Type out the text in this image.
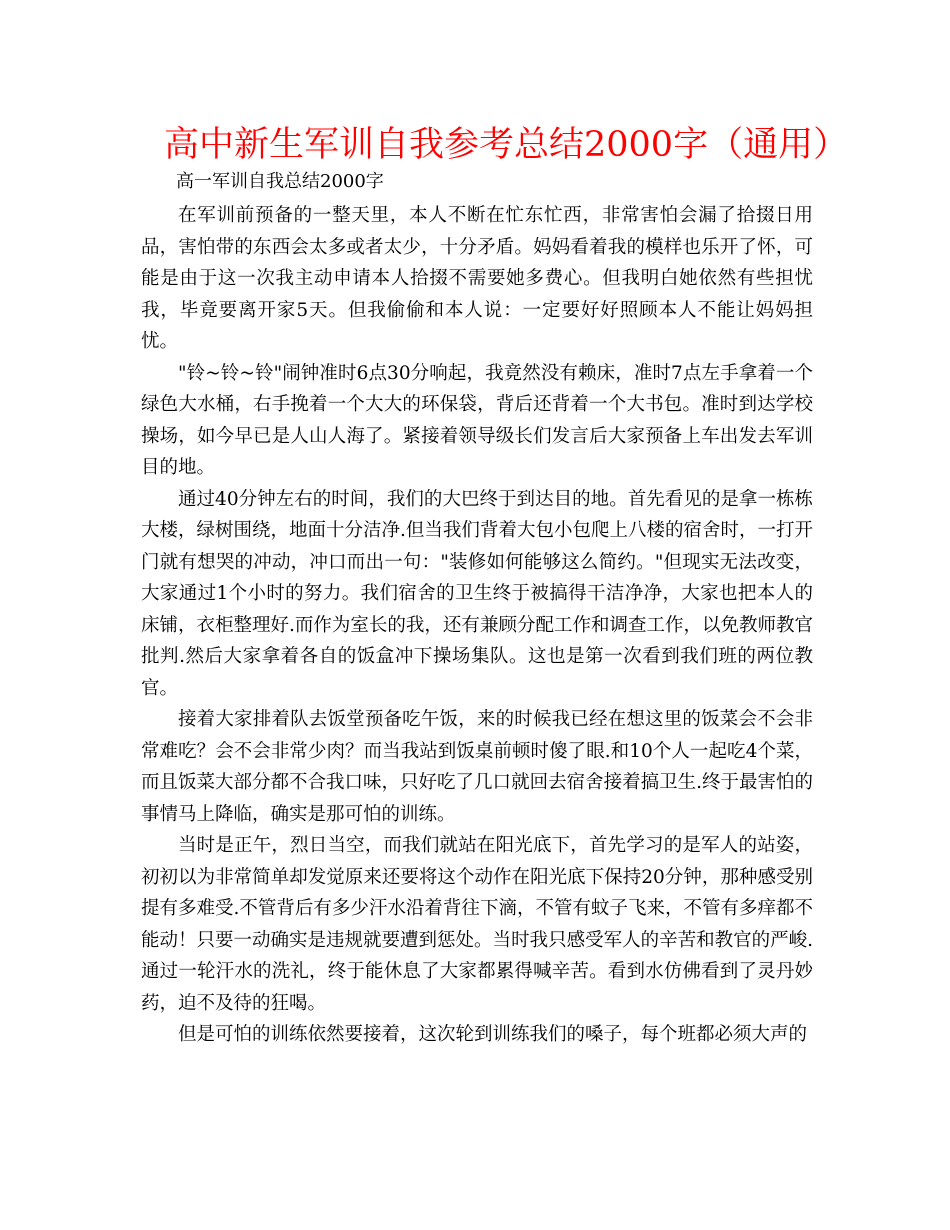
高中新生军训自我参考总结2000字（通用）
高一军训自我总结2000字

在军训前预备的一整天里，本人不断在忙东忙西，非常害怕会漏了拾掇日用品，害怕带的东西会太多或者太少，十分矛盾。妈妈看着我的模样也乐开了怀，可能是由于这一次我主动申请本人拾掇不需要她多费心。但我明白她依然有些担忧我，毕竟要离开家5天。但我偷偷和本人说：一定要好好照顾本人不能让妈妈担忧。

"铃~铃~铃"闹钟准时6点30分响起，我竟然没有赖床，准时7点左手拿着一个绿色大水桶，右手挽着一个大大的环保袋，背后还背着一个大书包。准时到达学校操场，如今早已是人山人海了。紧接着领导级长们发言后大家预备上车出发去军训目的地。

通过40分钟左右的时间，我们的大巴终于到达目的地。首先看见的是拿一栋栋大楼，绿树围绕，地面十分洁净.但当我们背着大包小包爬上八楼的宿舍时，一打开门就有想哭的冲动，冲口而出一句："装修如何能够这么简约。"但现实无法改变，大家通过1个小时的努力。我们宿舍的卫生终于被搞得干洁净净，大家也把本人的床铺，衣柜整理好.而作为室长的我，还有兼顾分配工作和调查工作，以免教师教官批判.然后大家拿着各自的饭盒冲下操场集队。这也是第一次看到我们班的两位教官。

接着大家排着队去饭堂预备吃午饭，来的时候我已经在想这里的饭菜会不会非常难吃？会不会非常少肉？而当我站到饭桌前顿时傻了眼.和10个人一起吃4个菜，而且饭菜大部分都不合我口味，只好吃了几口就回去宿舍接着搞卫生.终于最害怕的事情马上降临，确实是那可怕的训练。

当时是正午，烈日当空，而我们就站在阳光底下，首先学习的是军人的站姿，初初以为非常简单却发觉原来还要将这个动作在阳光底下保持20分钟，那种感受别提有多难受.不管背后有多少汗水沿着背往下滴，不管有蚊子飞来，不管有多痒都不能动！只要一动确实是违规就要遭到惩处。当时我只感受军人的辛苦和教官的严峻.通过一轮汗水的洗礼，终于能休息了大家都累得喊辛苦。看到水仿佛看到了灵丹妙药，迫不及待的狂喝。

但是可怕的训练依然要接着，这次轮到训练我们的嗓子，每个班都必须大声的
